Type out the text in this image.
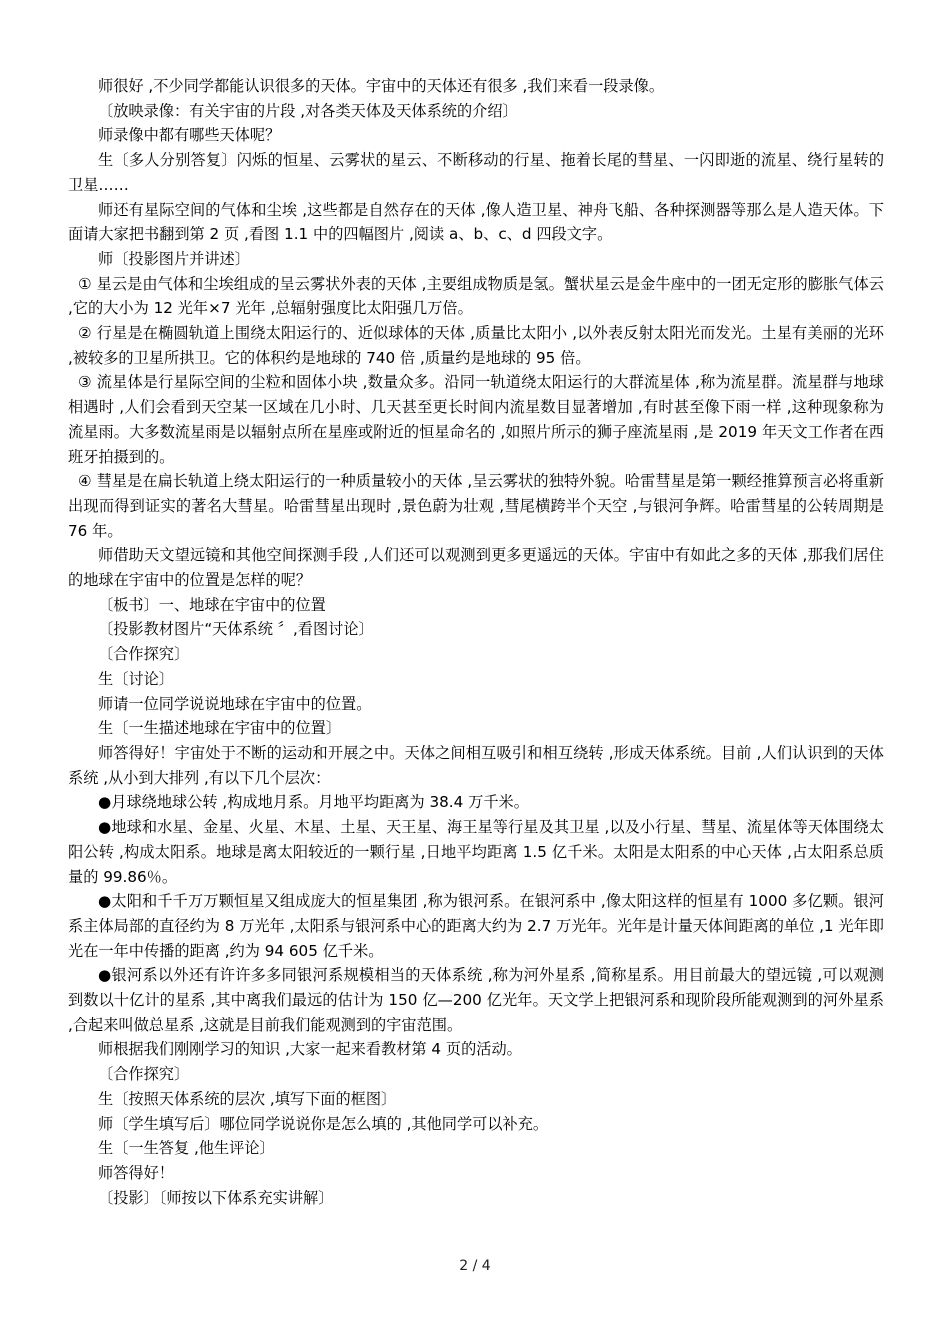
师很好 ,不少同学都能认识很多的天体。宇宙中的天体还有很多 ,我们来看一段录像。

〔放映录像：有关宇宙的片段 ,对各类天体及天体系统的介绍〕

师录像中都有哪些天体呢？

生〔多人分别答复〕闪烁的恒星、云雾状的星云、不断移动的行星、拖着长尾的彗星、一闪即逝的流星、绕行星转的卫星……

师还有星际空间的气体和尘埃 ,这些都是自然存在的天体 ,像人造卫星、神舟飞船、各种探测器等那么是人造天体。下面请大家把书翻到第 2 页 ,看图 1.1 中的四幅图片 ,阅读 a、b、c、d 四段文字。

师〔投影图片并讲述〕

① 星云是由气体和尘埃组成的呈云雾状外表的天体 ,主要组成物质是氢。蟹状星云是金牛座中的一团无定形的膨胀气体云 ,它的大小为 12 光年×7 光年 ,总辐射强度比太阳强几万倍。

② 行星是在椭圆轨道上围绕太阳运行的、近似球体的天体 ,质量比太阳小 ,以外表反射太阳光而发光。土星有美丽的光环 ,被较多的卫星所拱卫。它的体积约是地球的 740 倍 ,质量约是地球的 95 倍。

③ 流星体是行星际空间的尘粒和固体小块 ,数量众多。沿同一轨道绕太阳运行的大群流星体 ,称为流星群。流星群与地球相遇时 ,人们会看到天空某一区域在几小时、几天甚至更长时间内流星数目显著增加 ,有时甚至像下雨一样 ,这种现象称为流星雨。大多数流星雨是以辐射点所在星座或附近的恒星命名的 ,如照片所示的狮子座流星雨 ,是 2019 年天文工作者在西班牙拍摄到的。

④ 彗星是在扁长轨道上绕太阳运行的一种质量较小的天体 ,呈云雾状的独特外貌。哈雷彗星是第一颗经推算预言必将重新出现而得到证实的著名大彗星。哈雷彗星出现时 ,景色蔚为壮观 ,彗尾横跨半个天空 ,与银河争辉。哈雷彗星的公转周期是 76 年。

师借助天文望远镜和其他空间探测手段 ,人们还可以观测到更多更遥远的天体。宇宙中有如此之多的天体 ,那我们居住的地球在宇宙中的位置是怎样的呢？

〔板书〕一、地球在宇宙中的位置

〔投影教材图片“天体系统 〞,看图讨论〕

〔合作探究〕

生〔讨论〕

师请一位同学说说地球在宇宙中的位置。

生〔一生描述地球在宇宙中的位置〕

师答得好！宇宙处于不断的运动和开展之中。天体之间相互吸引和相互绕转 ,形成天体系统。目前 ,人们认识到的天体系统 ,从小到大排列 ,有以下几个层次：

●月球绕地球公转 ,构成地月系。月地平均距离为 38.4 万千米。

●地球和水星、金星、火星、木星、土星、天王星、海王星等行星及其卫星 ,以及小行星、彗星、流星体等天体围绕太阳公转 ,构成太阳系。地球是离太阳较近的一颗行星 ,日地平均距离 1.5 亿千米。太阳是太阳系的中心天体 ,占太阳系总质量的 99.86％。

●太阳和千千万万颗恒星又组成庞大的恒星集团 ,称为银河系。在银河系中 ,像太阳这样的恒星有 1000 多亿颗。银河系主体局部的直径约为 8 万光年 ,太阳系与银河系中心的距离大约为 2.7 万光年。光年是计量天体间距离的单位 ,1 光年即光在一年中传播的距离 ,约为 94 605 亿千米。

●银河系以外还有许许多多同银河系规模相当的天体系统 ,称为河外星系 ,简称星系。用目前最大的望远镜 ,可以观测到数以十亿计的星系 ,其中离我们最远的估计为 150 亿—200 亿光年。天文学上把银河系和现阶段所能观测到的河外星系 ,合起来叫做总星系 ,这就是目前我们能观测到的宇宙范围。

师根据我们刚刚学习的知识 ,大家一起来看教材第 4 页的活动。

〔合作探究〕

生〔按照天体系统的层次 ,填写下面的框图〕

师〔学生填写后〕哪位同学说说你是怎么填的 ,其他同学可以补充。

生〔一生答复 ,他生评论〕

师答得好！

〔投影〕〔师按以下体系充实讲解〕

2 / 4
